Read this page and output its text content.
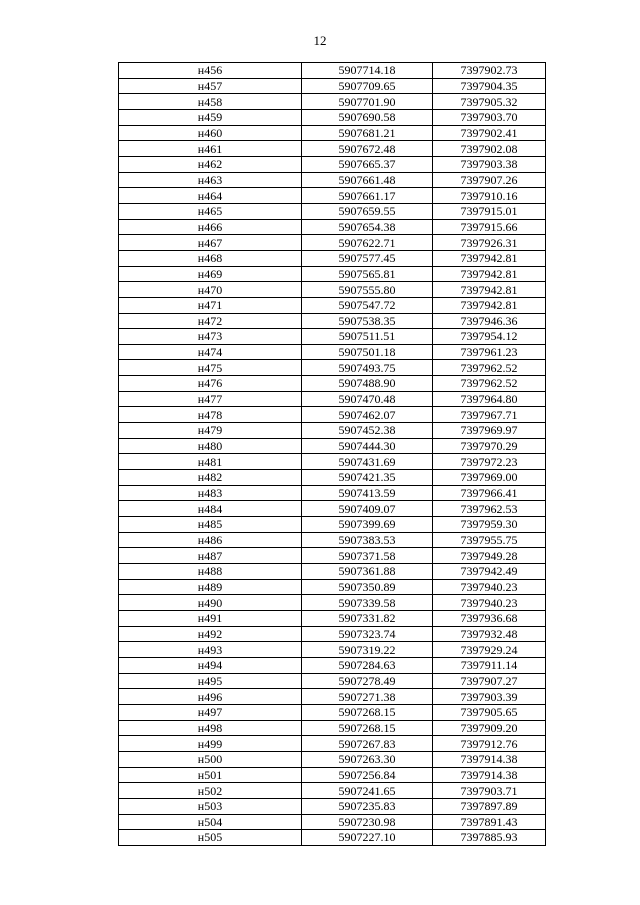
12
н456	5907714.18	7397902.73
н457	5907709.65	7397904.35
н458	5907701.90	7397905.32
н459	5907690.58	7397903.70
н460	5907681.21	7397902.41
н461	5907672.48	7397902.08
н462	5907665.37	7397903.38
н463	5907661.48	7397907.26
н464	5907661.17	7397910.16
н465	5907659.55	7397915.01
н466	5907654.38	7397915.66
н467	5907622.71	7397926.31
н468	5907577.45	7397942.81
н469	5907565.81	7397942.81
н470	5907555.80	7397942.81
н471	5907547.72	7397942.81
н472	5907538.35	7397946.36
н473	5907511.51	7397954.12
н474	5907501.18	7397961.23
н475	5907493.75	7397962.52
н476	5907488.90	7397962.52
н477	5907470.48	7397964.80
н478	5907462.07	7397967.71
н479	5907452.38	7397969.97
н480	5907444.30	7397970.29
н481	5907431.69	7397972.23
н482	5907421.35	7397969.00
н483	5907413.59	7397966.41
н484	5907409.07	7397962.53
н485	5907399.69	7397959.30
н486	5907383.53	7397955.75
н487	5907371.58	7397949.28
н488	5907361.88	7397942.49
н489	5907350.89	7397940.23
н490	5907339.58	7397940.23
н491	5907331.82	7397936.68
н492	5907323.74	7397932.48
н493	5907319.22	7397929.24
н494	5907284.63	7397911.14
н495	5907278.49	7397907.27
н496	5907271.38	7397903.39
н497	5907268.15	7397905.65
н498	5907268.15	7397909.20
н499	5907267.83	7397912.76
н500	5907263.30	7397914.38
н501	5907256.84	7397914.38
н502	5907241.65	7397903.71
н503	5907235.83	7397897.89
н504	5907230.98	7397891.43
н505	5907227.10	7397885.93
